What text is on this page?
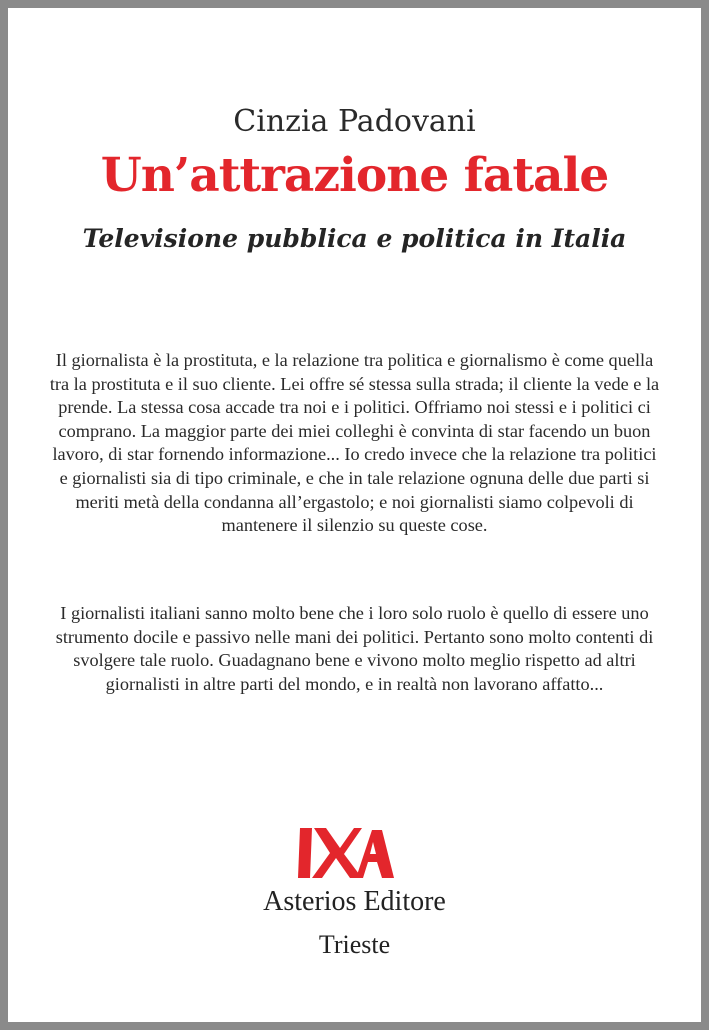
Cinzia Padovani
Un’attrazione fatale
Televisione pubblica e politica in Italia

Il giornalista è la prostituta, e la relazione tra politica e giornalismo è come quella tra la prostituta e il suo cliente. Lei offre sé stessa sulla strada; il cliente la vede e la prende. La stessa cosa accade tra noi e i politici. Offriamo noi stessi e i politici ci comprano. La maggior parte dei miei colleghi è convinta di star facendo un buon lavoro, di star fornendo informazione... Io credo invece che la relazione tra politici e giornalisti sia di tipo criminale, e che in tale relazione ognuna delle due parti si meriti metà della condanna all’ergastolo; e noi giornalisti siamo colpevoli di mantenere il silenzio su queste cose.

I giornalisti italiani sanno molto bene che i loro solo ruolo è quello di essere uno strumento docile e passivo nelle mani dei politici. Pertanto sono molto contenti di svolgere tale ruolo. Guadagnano bene e vivono molto meglio rispetto ad altri giornalisti in altre parti del mondo, e in realtà non lavorano affatto...

Asterios Editore
Trieste
